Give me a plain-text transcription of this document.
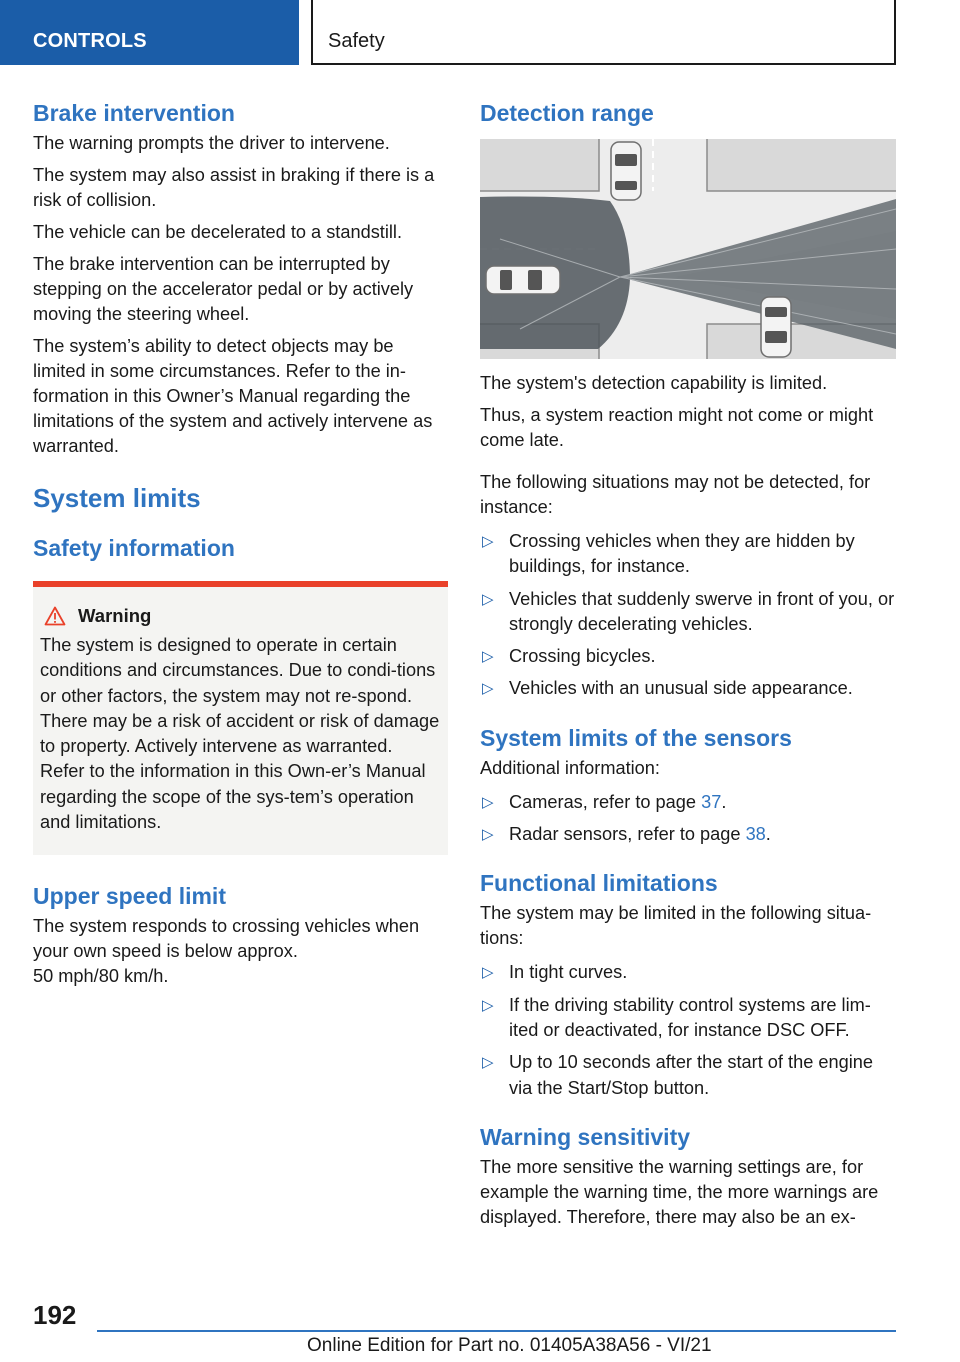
CONTROLS	Safety
Brake intervention

The warning prompts the driver to intervene.

The system may also assist in braking if there is a risk of collision.

The vehicle can be decelerated to a standstill.

The brake intervention can be interrupted by stepping on the accelerator pedal or by actively moving the steering wheel.

The system’s ability to detect objects may be limited in some circumstances. Refer to the in-formation in this Owner’s Manual regarding the limitations of the system and actively intervene as warranted.

System limits
Safety information
Warning

The system is designed to operate in certain conditions and circumstances. Due to condi-tions or other factors, the system may not re-spond. There may be a risk of accident or risk of damage to property. Actively intervene as warranted. Refer to the information in this Own-er’s Manual regarding the scope of the sys-tem’s operation and limitations.

Upper speed limit

The system responds to crossing vehicles when your own speed is below approx.

50 mph/80 km/h.

Detection range

The system's detection capability is limited.

Thus, a system reaction might not come or might come late.

The following situations may not be detected, for instance:

▷ Crossing vehicles when they are hidden by buildings, for instance.
▷ Vehicles that suddenly swerve in front of you, or strongly decelerating vehicles.
▷ Crossing bicycles.
▷ Vehicles with an unusual side appearance.
System limits of the sensors

Additional information:

▷ Cameras, refer to page 37.
▷ Radar sensors, refer to page 38.
Functional limitations

The system may be limited in the following situa-tions:

▷ In tight curves.
▷ If the driving stability control systems are lim-ited or deactivated, for instance DSC OFF.
▷ Up to 10 seconds after the start of the engine via the Start/Stop button.
Warning sensitivity

The more sensitive the warning settings are, for example the warning time, the more warnings are displayed. Therefore, there may also be an ex-

192
Online Edition for Part no. 01405A38A56 - VI/21
